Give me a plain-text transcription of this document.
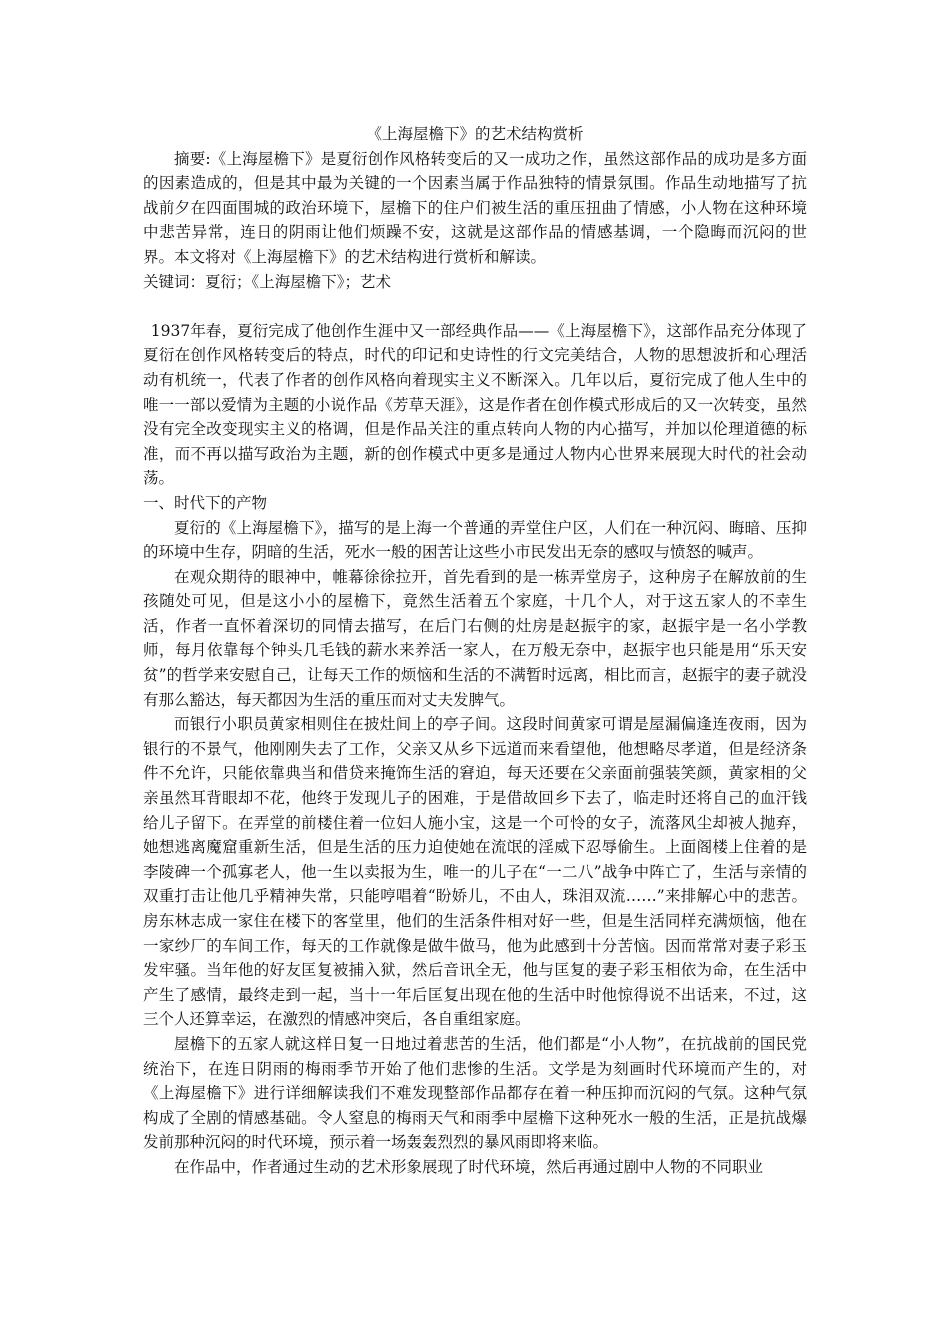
《上海屋檐下》的艺术结构赏析

摘要:《上海屋檐下》是夏衍创作风格转变后的又一成功之作，虽然这部作品的成功是多方面的因素造成的，但是其中最为关键的一个因素当属于作品独特的情景氛围。作品生动地描写了抗战前夕在四面围城的政治环境下，屋檐下的住户们被生活的重压扭曲了情感，小人物在这种环境中悲苦异常，连日的阴雨让他们烦躁不安，这就是这部作品的情感基调，一个隐晦而沉闷的世界。本文将对《上海屋檐下》的艺术结构进行赏析和解读。

关键词：夏衍；《上海屋檐下》；艺术

1937年春，夏衍完成了他创作生涯中又一部经典作品——《上海屋檐下》，这部作品充分体现了夏衍在创作风格转变后的特点，时代的印记和史诗性的行文完美结合，人物的思想波折和心理活动有机统一，代表了作者的创作风格向着现实主义不断深入。几年以后，夏衍完成了他人生中的唯一一部以爱情为主题的小说作品《芳草天涯》，这是作者在创作模式形成后的又一次转变，虽然没有完全改变现实主义的格调，但是作品关注的重点转向人物的内心描写，并加以伦理道德的标准，而不再以描写政治为主题，新的创作模式中更多是通过人物内心世界来展现大时代的社会动荡。

一、时代下的产物

夏衍的《上海屋檐下》，描写的是上海一个普通的弄堂住户区，人们在一种沉闷、晦暗、压抑的环境中生存，阴暗的生活，死水一般的困苦让这些小市民发出无奈的感叹与愤怒的喊声。

在观众期待的眼神中，帷幕徐徐拉开，首先看到的是一栋弄堂房子，这种房子在解放前的生孩随处可见，但是这小小的屋檐下，竟然生活着五个家庭，十几个人，对于这五家人的不幸生活，作者一直怀着深切的同情去描写，在后门右侧的灶房是赵振宇的家，赵振宇是一名小学教师，每月依靠每个钟头几毛钱的薪水来养活一家人，在万般无奈中，赵振宇也只能是用“乐天安贫”的哲学来安慰自己，让每天工作的烦恼和生活的不满暂时远离，相比而言，赵振宇的妻子就没有那么豁达，每天都因为生活的重压而对丈夫发脾气。

而银行小职员黄家相则住在披灶间上的亭子间。这段时间黄家可谓是屋漏偏逢连夜雨，因为银行的不景气，他刚刚失去了工作，父亲又从乡下远道而来看望他，他想略尽孝道，但是经济条件不允许，只能依靠典当和借贷来掩饰生活的窘迫，每天还要在父亲面前强装笑颜，黄家相的父亲虽然耳背眼却不花，他终于发现儿子的困难，于是借故回乡下去了，临走时还将自己的血汗钱给儿子留下。在弄堂的前楼住着一位妇人施小宝，这是一个可怜的女子，流落风尘却被人抛弃，她想逃离魔窟重新生活，但是生活的压力迫使她在流氓的淫威下忍辱偷生。上面阁楼上住着的是李陵碑一个孤寡老人，他一生以卖报为生，唯一的儿子在“一二八”战争中阵亡了，生活与亲情的双重打击让他几乎精神失常，只能哼唱着“盼娇儿，不由人，珠泪双流……”来排解心中的悲苦。房东林志成一家住在楼下的客堂里，他们的生活条件相对好一些，但是生活同样充满烦恼，他在一家纱厂的车间工作，每天的工作就像是做牛做马，他为此感到十分苦恼。因而常常对妻子彩玉发牢骚。当年他的好友匡复被捕入狱，然后音讯全无，他与匡复的妻子彩玉相依为命，在生活中产生了感情，最终走到一起，当十一年后匡复出现在他的生活中时他惊得说不出话来，不过，这三个人还算幸运，在激烈的情感冲突后，各自重组家庭。

屋檐下的五家人就这样日复一日地过着悲苦的生活，他们都是“小人物”，在抗战前的国民党统治下，在连日阴雨的梅雨季节开始了他们悲惨的生活。文学是为刻画时代环境而产生的，对《上海屋檐下》进行详细解读我们不难发现整部作品都存在着一种压抑而沉闷的气氛。这种气氛构成了全剧的情感基础。令人窒息的梅雨天气和雨季中屋檐下这种死水一般的生活，正是抗战爆发前那种沉闷的时代环境，预示着一场轰轰烈烈的暴风雨即将来临。

在作品中，作者通过生动的艺术形象展现了时代环境，然后再通过剧中人物的不同职业
